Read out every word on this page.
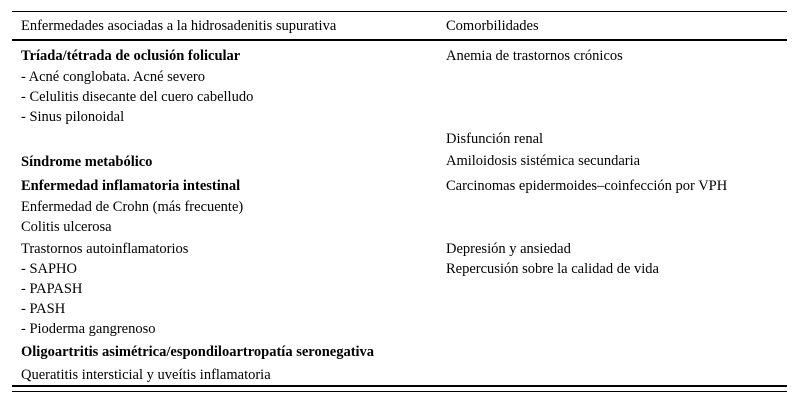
Enfermedades asociadas a la hidrosadenitis supurativa	Comorbilidades
Tríada/tétrada de oclusión folicular
- Acné conglobata. Acné severo
- Celulitis disecante del cuero cabelludo
- Sinus pilonoidal
Síndrome metabólico
Enfermedad inflamatoria intestinal
Enfermedad de Crohn (más frecuente)
Colitis ulcerosa
Trastornos autoinflamatorios
- SAPHO
- PAPASH
- PASH
- Pioderma gangrenoso
Oligoartritis asimétrica/espondiloartropatía seronegativa
Queratitis intersticial y uveítis inflamatoria
Anemia de trastornos crónicos
Disfunción renal
Amiloidosis sistémica secundaria
Carcinomas epidermoides–coinfección por VPH
Depresión y ansiedad
Repercusión sobre la calidad de vida
